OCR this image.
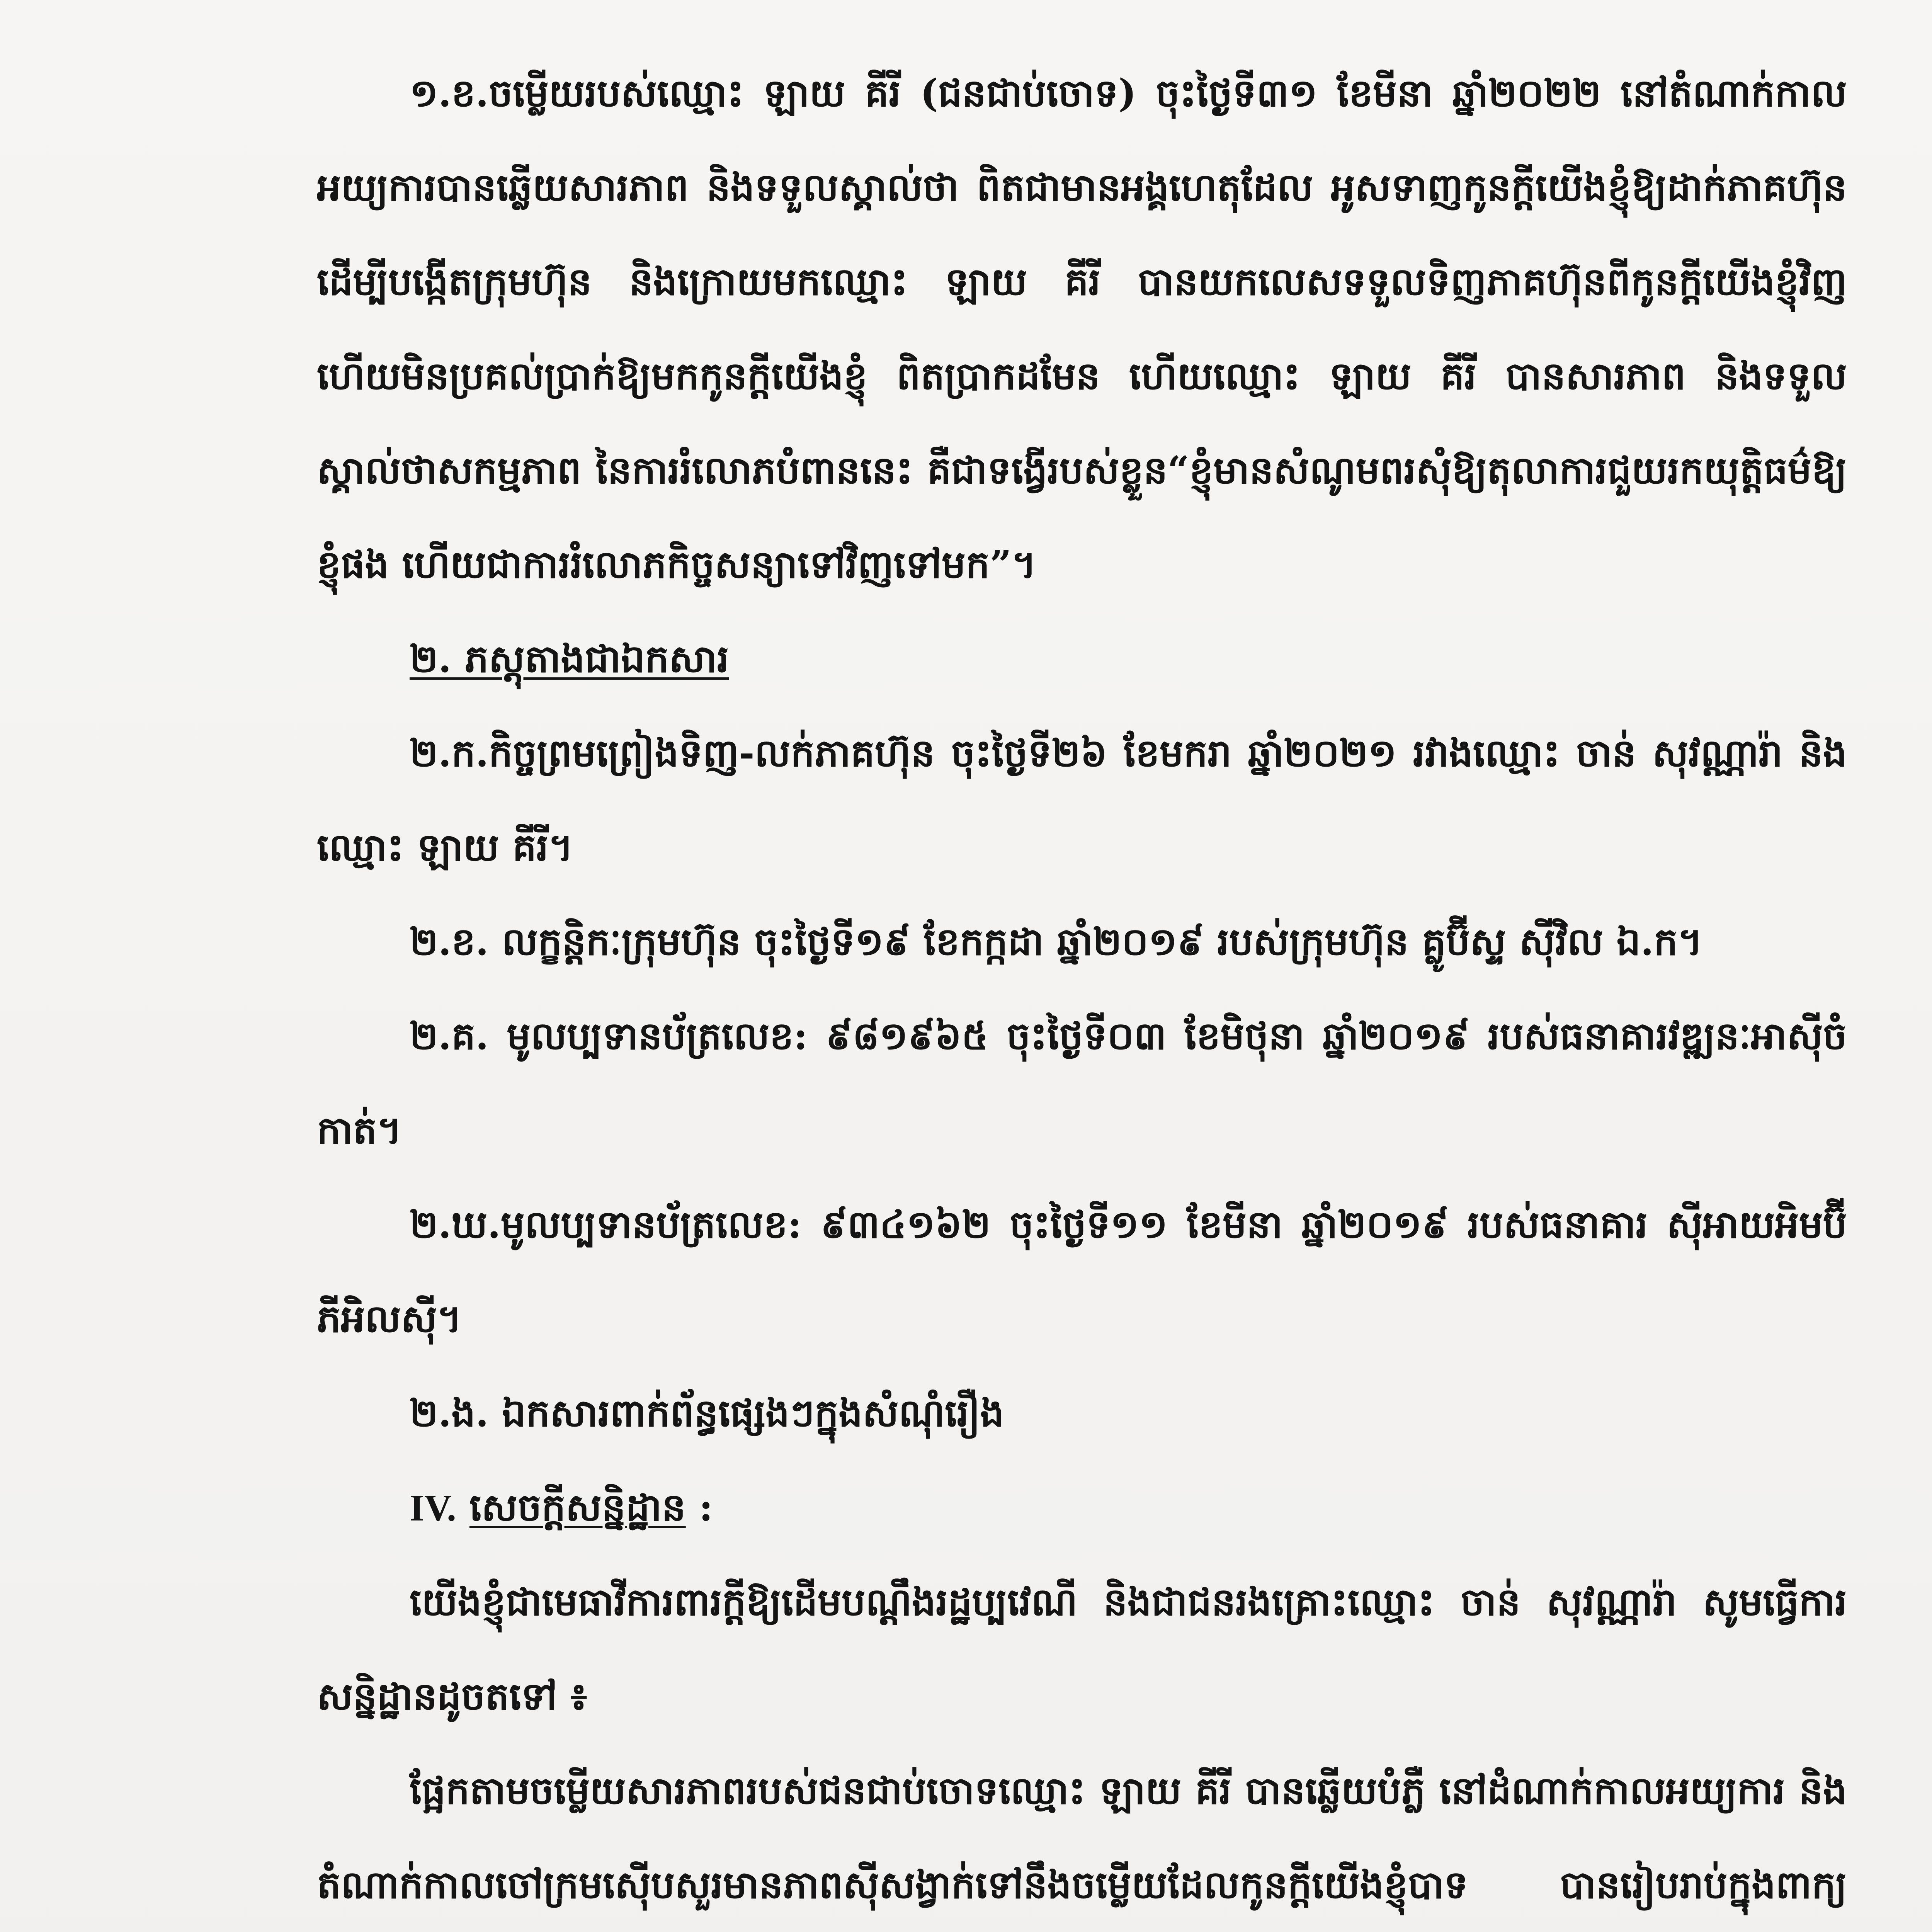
១.ខ.ចម្លើយរបស់ឈ្មោះ ឡាយ គីរី (ជនជាប់ចោទ) ចុះថ្ងៃទី៣១ ខែមីនា ឆ្នាំ២០២២ នៅតំណាក់កាលអយ្យការបានឆ្លើយសារភាព និងទទួលស្គាល់ថា ពិតជាមានអង្គហេតុដែល អូសទាញកូនក្តីយើងខ្ញុំឱ្យដាក់ភាគហ៊ុន ដើម្បីបង្កើតក្រុមហ៊ុន និងក្រោយមកឈ្មោះ ឡាយ គីរី បានយកលេសទទួលទិញភាគហ៊ុនពីកូនក្តីយើងខ្ញុំវិញ ហើយមិនប្រគល់ប្រាក់ឱ្យមកកូនក្តីយើងខ្ញុំ ពិតប្រាកដមែន ហើយឈ្មោះ ឡាយ គីរី បានសារភាព និងទទួលស្គាល់ថាសកម្មភាព នៃការរំលោភបំពាននេះ គឺជាទង្វើរបស់ខ្លួន“ខ្ញុំមានសំណូមពរសុំឱ្យតុលាការជួយរកយុត្តិធម៌ឱ្យខ្ញុំផង ហើយជាការរំលោភកិច្ចសន្យាទៅវិញទៅមក”។

២. ភស្តុតាងជាឯកសារ

២.ក.កិច្ចព្រមព្រៀងទិញ-លក់ភាគហ៊ុន ចុះថ្ងៃទី២៦ ខែមករា ឆ្នាំ២០២១ រវាងឈ្មោះ ចាន់ សុវណ្ណារ៉ា និងឈ្មោះ ឡាយ គីរី។

២.ខ. លក្ខន្តិកៈក្រុមហ៊ុន ចុះថ្ងៃទី១៩ ខែកក្កដា ឆ្នាំ២០១៩ របស់ក្រុមហ៊ុន គ្លូប៊ីស្ទ ស៊ីវិល ឯ.ក។

២.គ. មូលប្បទានប័ត្រលេខ: ៩៨១៩៦៥ ចុះថ្ងៃទី០៣ ខែមិថុនា ឆ្នាំ២០១៩ របស់ធនាគារវឌ្ឍនៈអាស៊ីចំកាត់។

២.ឃ.មូលប្បទានប័ត្រលេខ: ៩៣៤១៦២ ចុះថ្ងៃទី១១ ខែមីនា ឆ្នាំ២០១៩ របស់ធនាគារ ស៊ីអាយអិមប៊ី ភីអិលស៊ី។

២.ង. ឯកសារពាក់ព័ន្ធផ្សេងៗក្នុងសំណុំរឿង

IV. សេចក្តីសន្និដ្ឋាន :

យើងខ្ញុំជាមេធាវីការពារក្តីឱ្យដើមបណ្តឹងរដ្ឋប្បវេណី និងជាជនរងគ្រោះឈ្មោះ ចាន់ សុវណ្ណារ៉ា សូមធ្វើការសន្និដ្ឋានដូចតទៅ ៖

ផ្អែកតាមចម្លើយសារភាពរបស់ជនជាប់ចោទឈ្មោះ ឡាយ គីរី បានឆ្លើយបំភ្លឺ នៅដំណាក់កាលអយ្យការ និងតំណាក់កាលចៅក្រមស៊ើបសួរមានភាពស៊ីសង្វាក់ទៅនឹងចម្លើយដែលកូនក្តីយើងខ្ញុំបាទ បានរៀបរាប់ក្នុងពាក្យ
